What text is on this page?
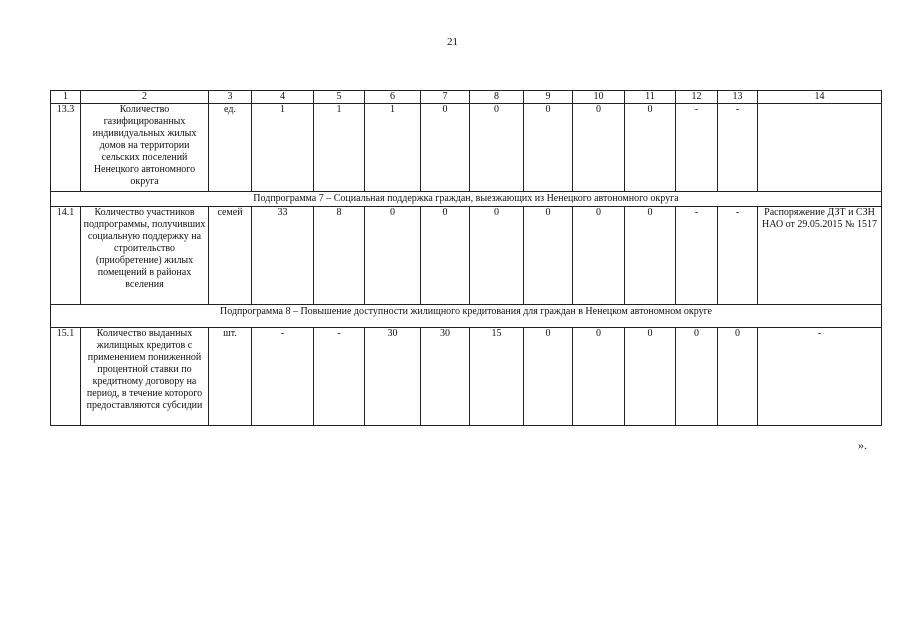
21
1	2	3	4	5	6	7	8	9	10	11	12	13	14
13.3	Количество газифицированных индивидуальных жилых домов на территории сельских поселений Ненецкого автономного округа	ед.	1	1	1	0	0	0	0	0	-	-	
Подпрограмма 7 – Социальная поддержка граждан, выезжающих из Ненецкого автономного округа													
14.1	Количество участников подпрограммы, получивших социальную поддержку на строительство (приобретение) жилых помещений в районах вселения	семей	33	8	0	0	0	0	0	0	-	-	Распоряжение ДЗТ и СЗН НАО от 29.05.2015 № 1517
Подпрограмма 8 – Повышение доступности жилищного кредитования для граждан в Ненецком автономном округе													
15.1	Количество выданных жилищных кредитов с применением пониженной процентной ставки по кредитному договору на период, в течение которого предоставляются субсидии	шт.	-	-	30	30	15	0	0	0	0	0	-
».
